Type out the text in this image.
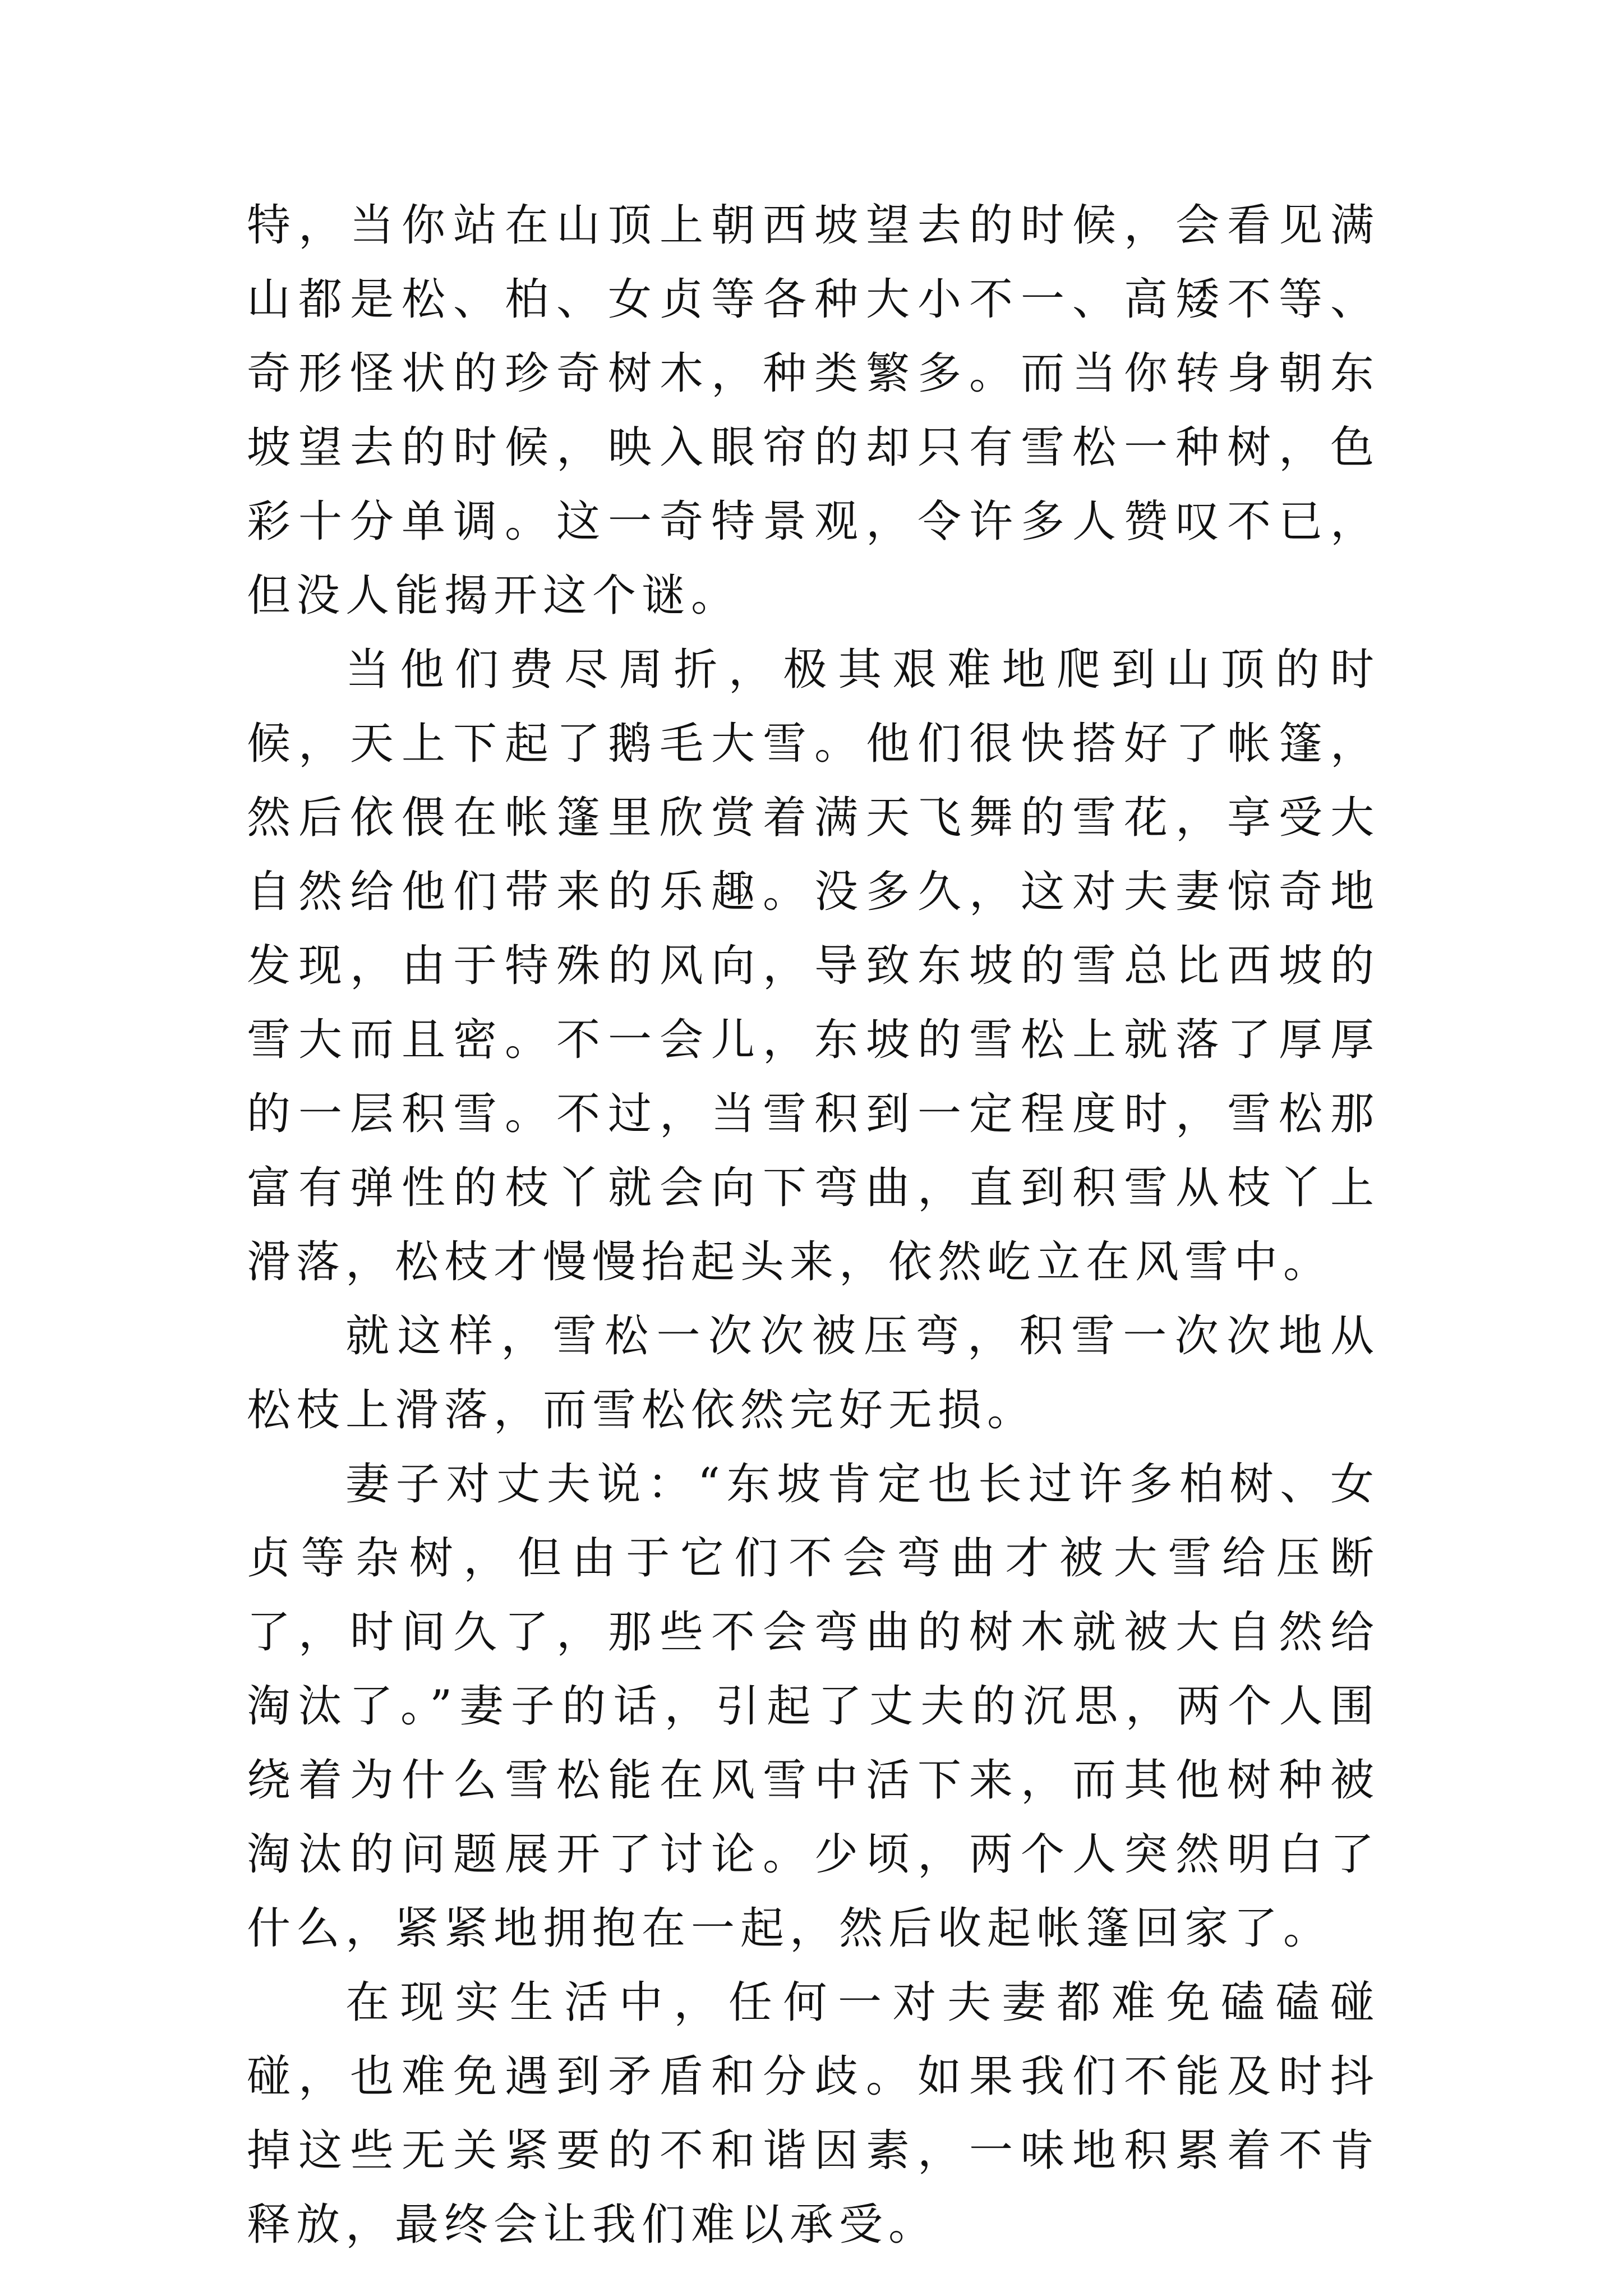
特，当你站在山顶上朝西坡望去的时候，会看见满山都是松、柏、女贞等各种大小不一、高矮不等、奇形怪状的珍奇树木，种类繁多。而当你转身朝东坡望去的时候，映入眼帘的却只有雪松一种树，色彩十分单调。这一奇特景观，令许多人赞叹不已，但没人能揭开这个谜。

当他们费尽周折，极其艰难地爬到山顶的时候，天上下起了鹅毛大雪。他们很快搭好了帐篷，然后依偎在帐篷里欣赏着满天飞舞的雪花，享受大自然给他们带来的乐趣。没多久，这对夫妻惊奇地发现，由于特殊的风向，导致东坡的雪总比西坡的雪大而且密。不一会儿，东坡的雪松上就落了厚厚的一层积雪。不过，当雪积到一定程度时，雪松那富有弹性的枝丫就会向下弯曲，直到积雪从枝丫上滑落，松枝才慢慢抬起头来，依然屹立在风雪中。

就这样，雪松一次次被压弯，积雪一次次地从松枝上滑落，而雪松依然完好无损。

妻子对丈夫说：“东坡肯定也长过许多柏树、女贞等杂树，但由于它们不会弯曲才被大雪给压断了，时间久了，那些不会弯曲的树木就被大自然给淘汰了。”妻子的话，引起了丈夫的沉思，两个人围绕着为什么雪松能在风雪中活下来，而其他树种被淘汰的问题展开了讨论。少顷，两个人突然明白了什么，紧紧地拥抱在一起，然后收起帐篷回家了。

在现实生活中，任何一对夫妻都难免磕磕碰碰，也难免遇到矛盾和分歧。如果我们不能及时抖掉这些无关紧要的不和谐因素，一味地积累着不肯释放，最终会让我们难以承受。
